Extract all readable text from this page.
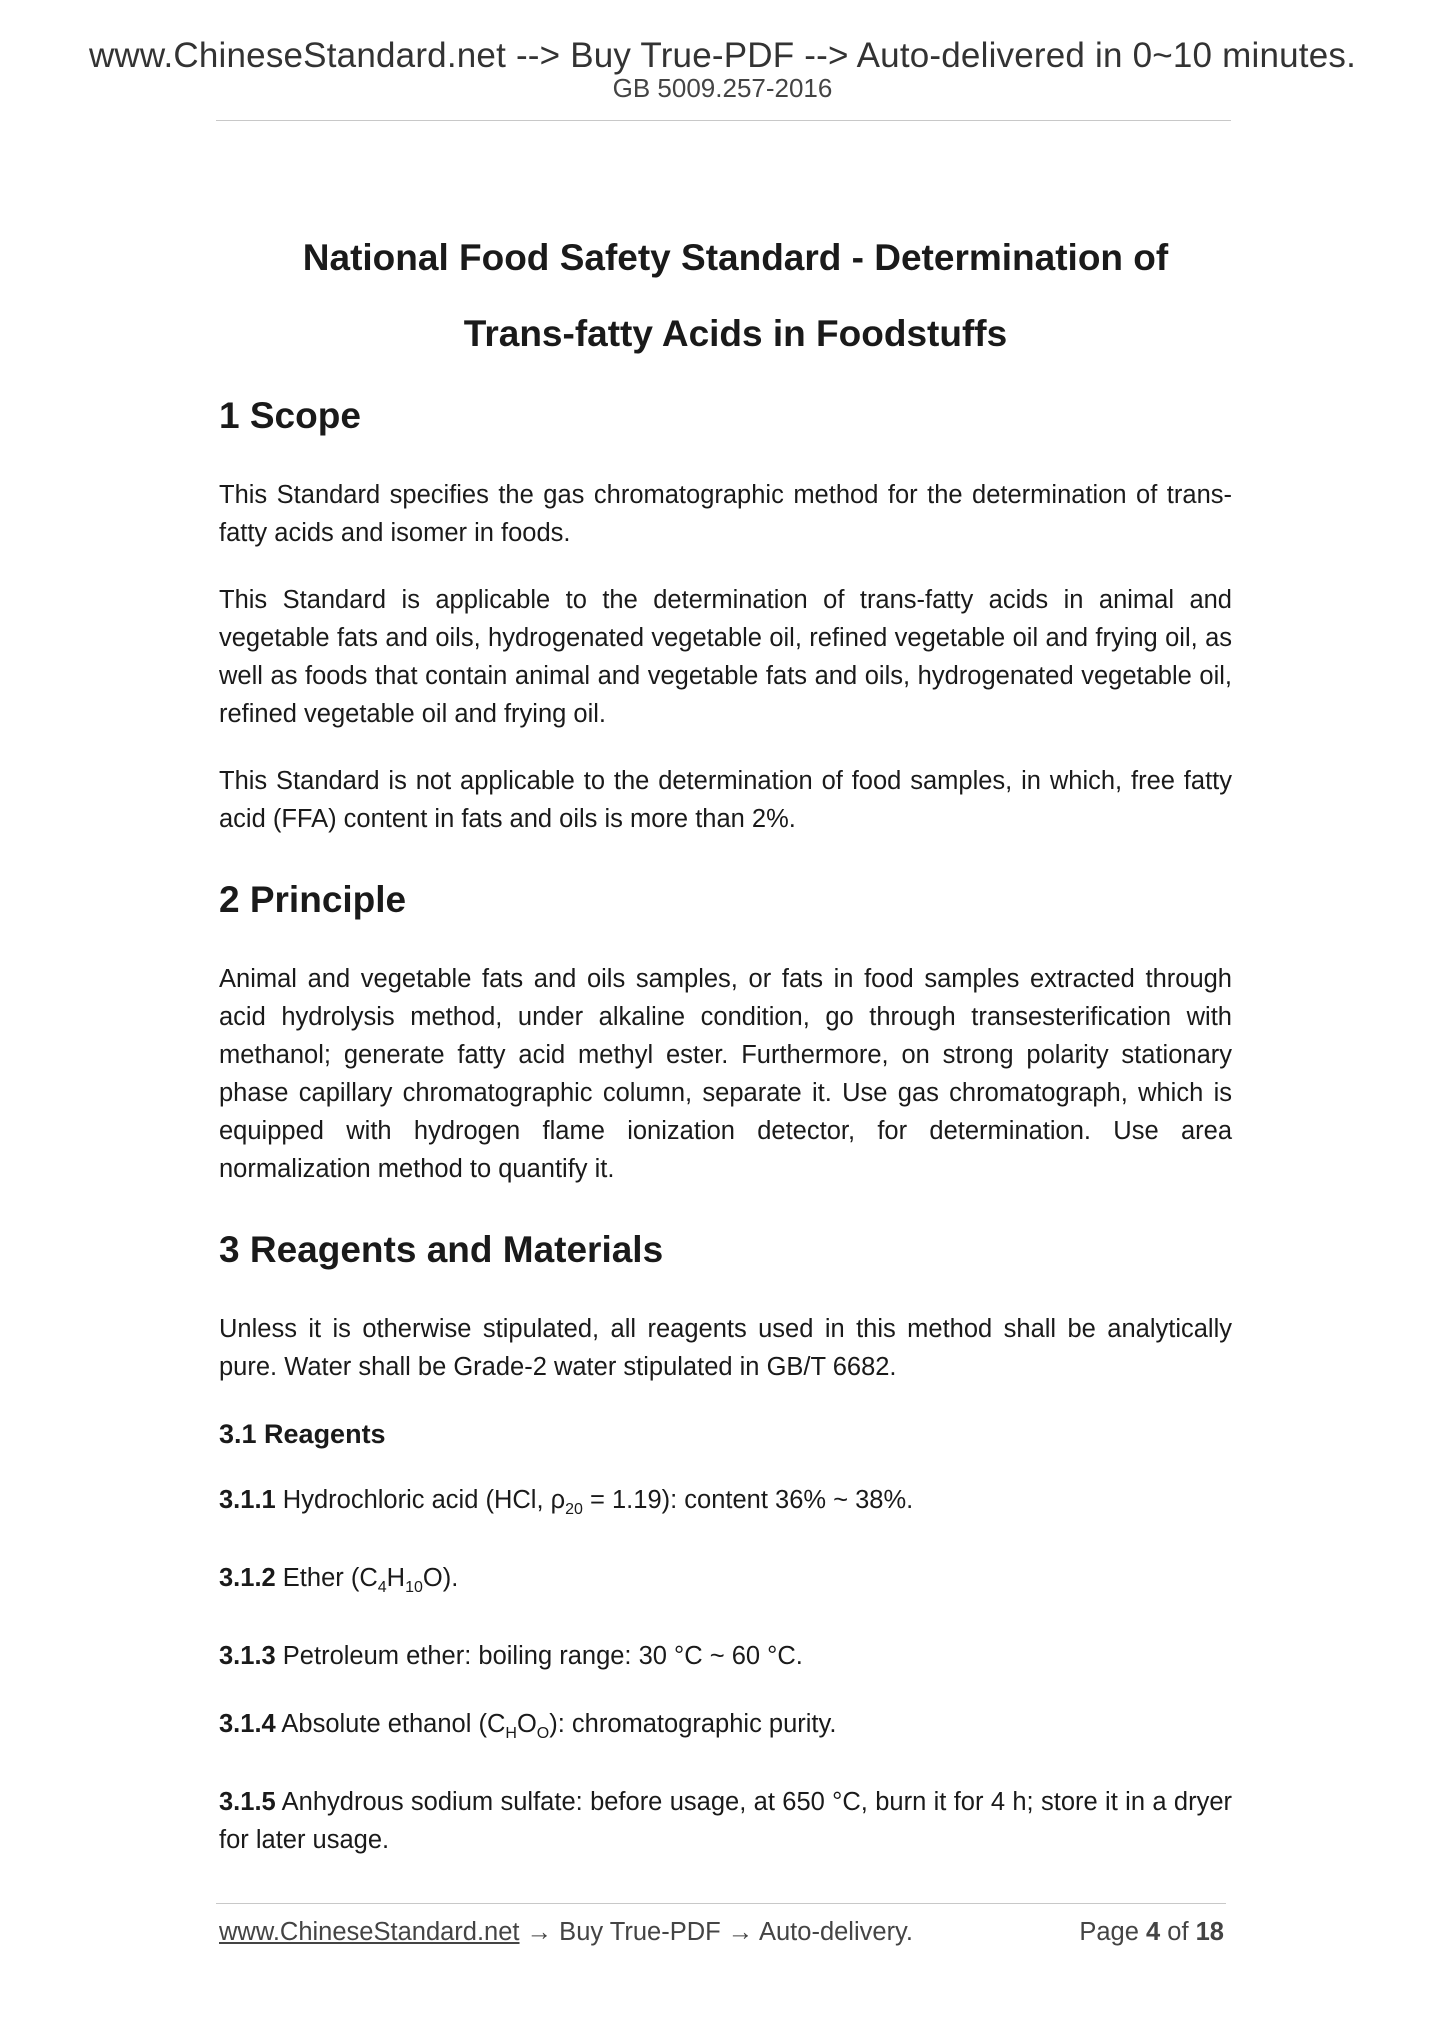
www.ChineseStandard.net --> Buy True-PDF --> Auto-delivered in 0~10 minutes.
GB 5009.257-2016
National Food Safety Standard - Determination of
Trans-fatty Acids in Foodstuffs
1 Scope

This Standard specifies the gas chromatographic method for the determination of trans-fatty acids and isomer in foods.

This Standard is applicable to the determination of trans-fatty acids in animal and vegetable fats and oils, hydrogenated vegetable oil, refined vegetable oil and frying oil, as well as foods that contain animal and vegetable fats and oils, hydrogenated vegetable oil, refined vegetable oil and frying oil.

This Standard is not applicable to the determination of food samples, in which, free fatty acid (FFA) content in fats and oils is more than 2%.

2 Principle

Animal and vegetable fats and oils samples, or fats in food samples extracted through acid hydrolysis method, under alkaline condition, go through transesterification with methanol; generate fatty acid methyl ester. Furthermore, on strong polarity stationary phase capillary chromatographic column, separate it. Use gas chromatograph, which is equipped with hydrogen flame ionization detector, for determination. Use area normalization method to quantify it.

3 Reagents and Materials

Unless it is otherwise stipulated, all reagents used in this method shall be analytically pure. Water shall be Grade-2 water stipulated in GB/T 6682.

3.1 Reagents

3.1.1 Hydrochloric acid (HCl, $\rho_{20} = 1.19$): content 36% ~ 38%.

3.1.2 Ether $(C_4H_{10}O)$.

3.1.3 Petroleum ether: boiling range: 30 °C ~ 60 °C.

3.1.4 Absolute ethanol $(C_HO_O)$: chromatographic purity.

3.1.5 Anhydrous sodium sulfate: before usage, at 650 °C, burn it for 4 h; store it in a dryer for later usage.

www.ChineseStandard.net → Buy True-PDF → Auto-delivery.	Page 4 of 18
